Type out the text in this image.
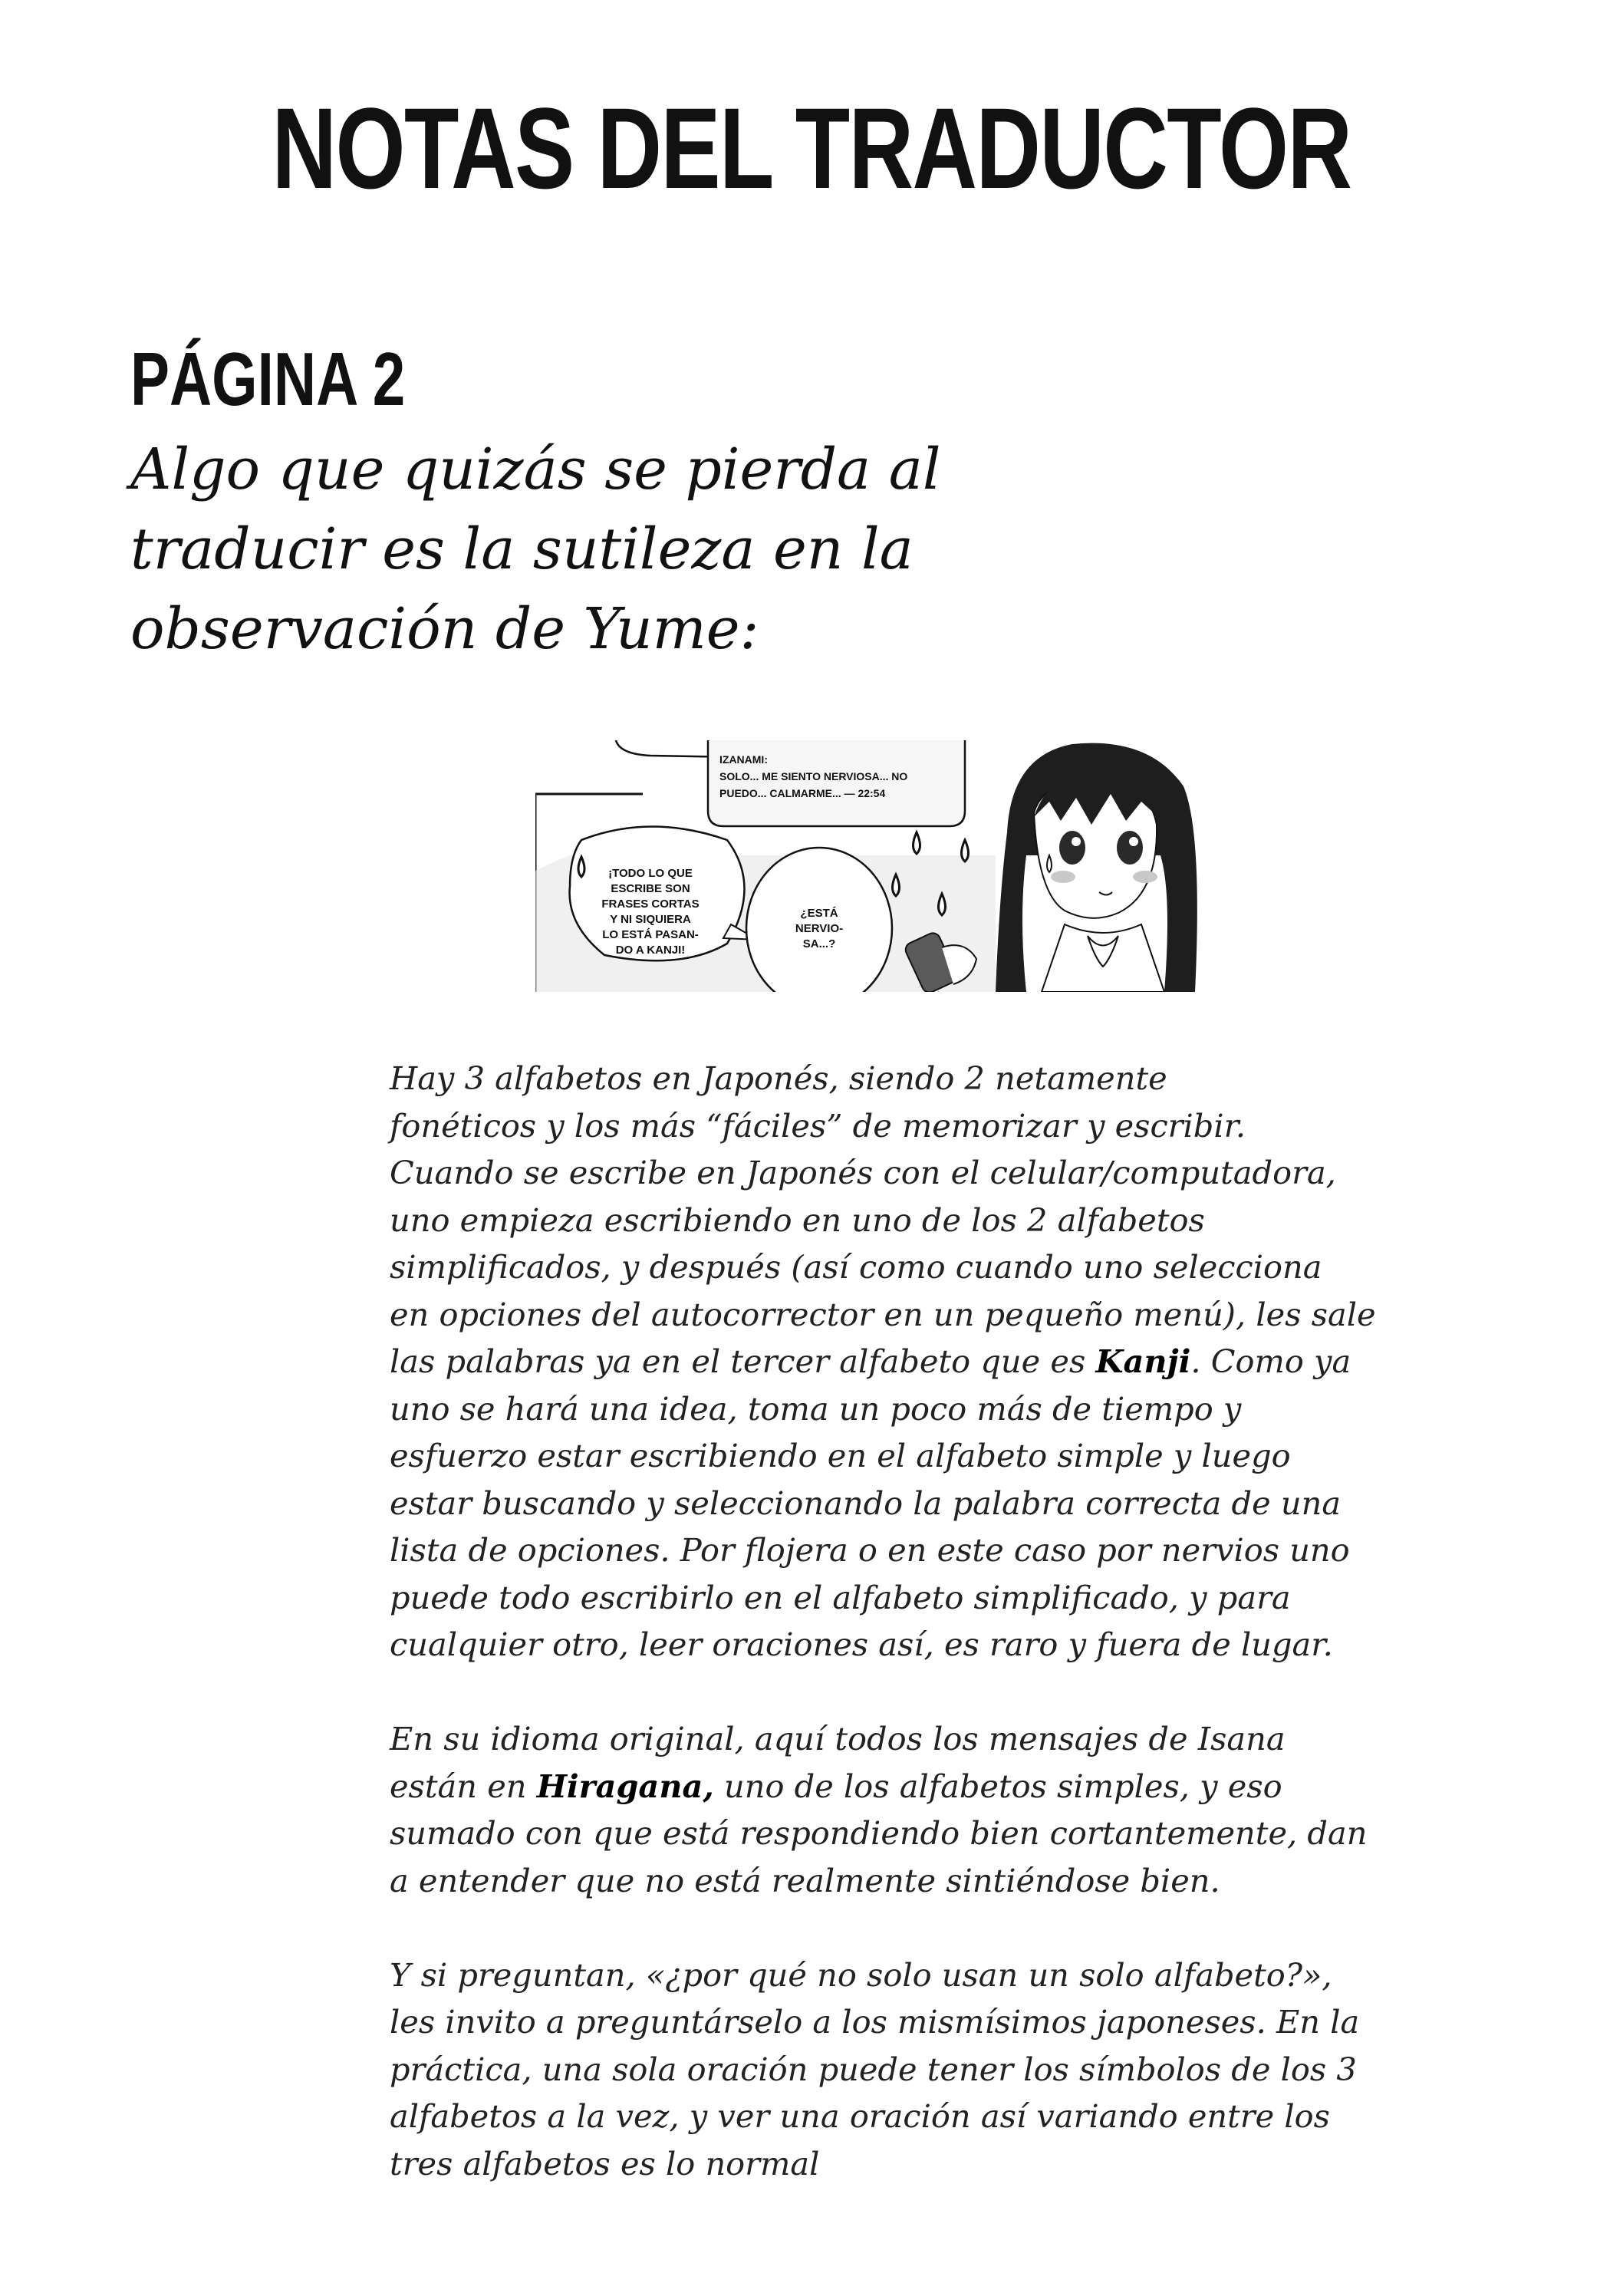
NOTAS DEL TRADUCTOR
PÁGINA 2
Algo que quizás se pierda al
traducir es la sutileza en la
observación de Yume:
IZANAMI:
SOLO... ME SIENTO NERVIOSA... NO
PUEDO... CALMARME... — 22:54
¡TODO LO QUE
ESCRIBE SON
FRASES CORTAS
Y NI SIQUIERA
LO ESTÁ PASAN-
DO A KANJI!
¿ESTÁ
NERVIO-
SA...?
Hay 3 alfabetos en Japonés, siendo 2 netamente
fonéticos y los más “fáciles” de memorizar y escribir.
Cuando se escribe en Japonés con el celular/computadora,
uno empieza escribiendo en uno de los 2 alfabetos
simplificados, y después (así como cuando uno selecciona
en opciones del autocorrector en un pequeño menú), les sale
las palabras ya en el tercer alfabeto que es Kanji. Como ya
uno se hará una idea, toma un poco más de tiempo y
esfuerzo estar escribiendo en el alfabeto simple y luego
estar buscando y seleccionando la palabra correcta de una
lista de opciones. Por flojera o en este caso por nervios uno
puede todo escribirlo en el alfabeto simplificado, y para
cualquier otro, leer oraciones así, es raro y fuera de lugar.
En su idioma original, aquí todos los mensajes de Isana
están en Hiragana, uno de los alfabetos simples, y eso
sumado con que está respondiendo bien cortantemente, dan
a entender que no está realmente sintiéndose bien.
Y si preguntan, «¿por qué no solo usan un solo alfabeto?»,
les invito a preguntárselo a los mismísimos japoneses. En la
práctica, una sola oración puede tener los símbolos de los 3
alfabetos a la vez, y ver una oración así variando entre los
tres alfabetos es lo normal
